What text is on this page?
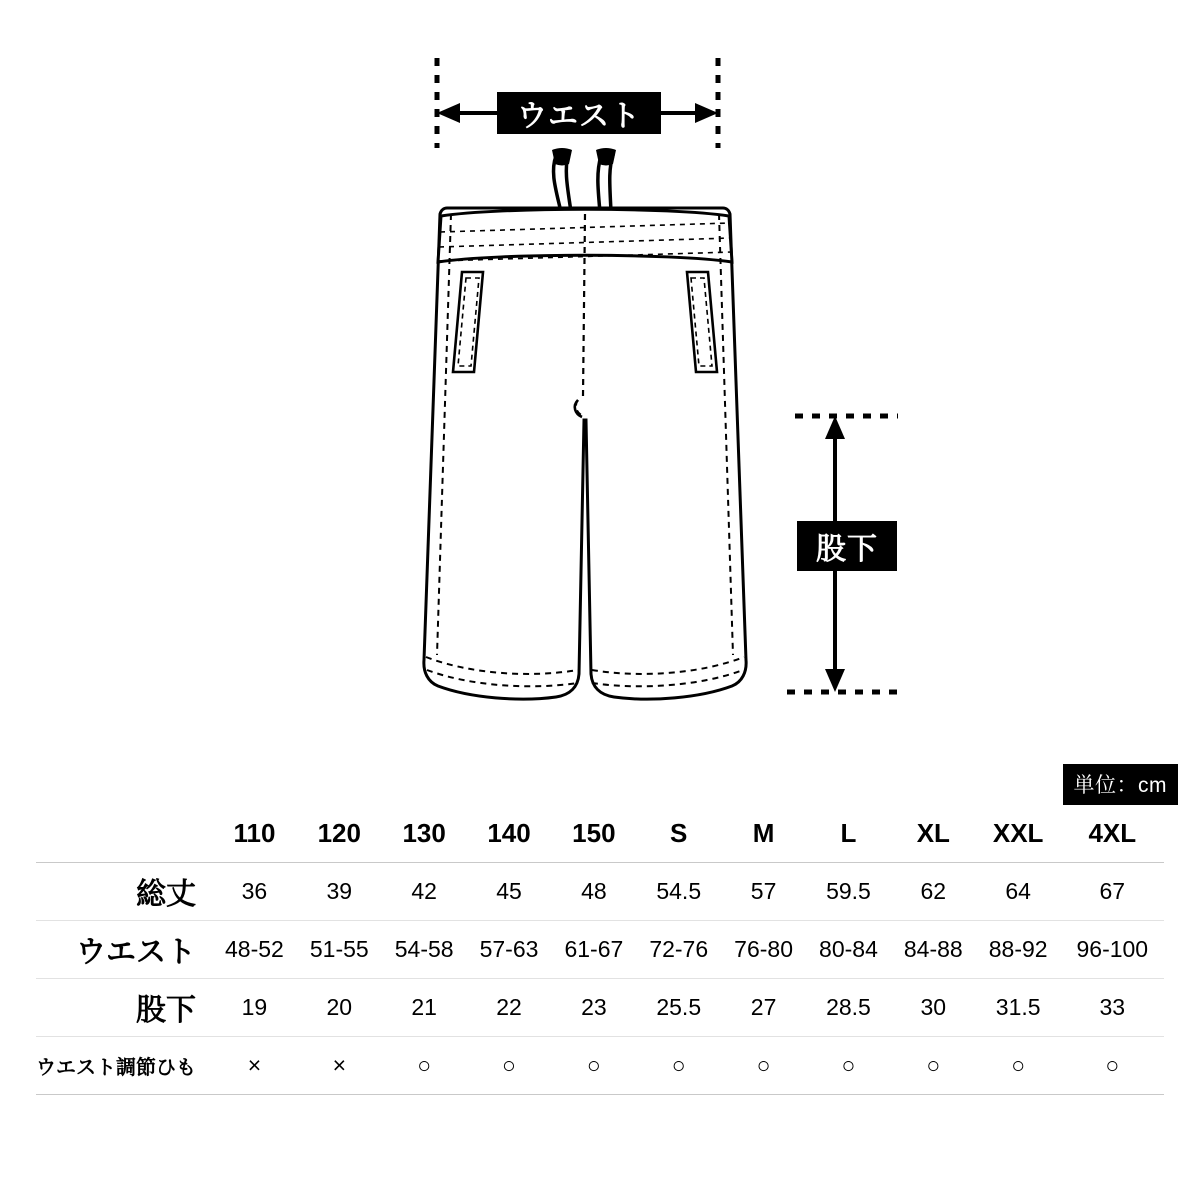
ウエスト
股下
単位：cm
	110	120	130	140	150	S	M	L	XL	XXL	4XL
総丈	36	39	42	45	48	54.5	57	59.5	62	64	67
ウエスト	48-52	51-55	54-58	57-63	61-67	72-76	76-80	80-84	84-88	88-92	96-100
股下	19	20	21	22	23	25.5	27	28.5	30	31.5	33
ウエスト調節ひも	×	×	○	○	○	○	○	○	○	○	○
